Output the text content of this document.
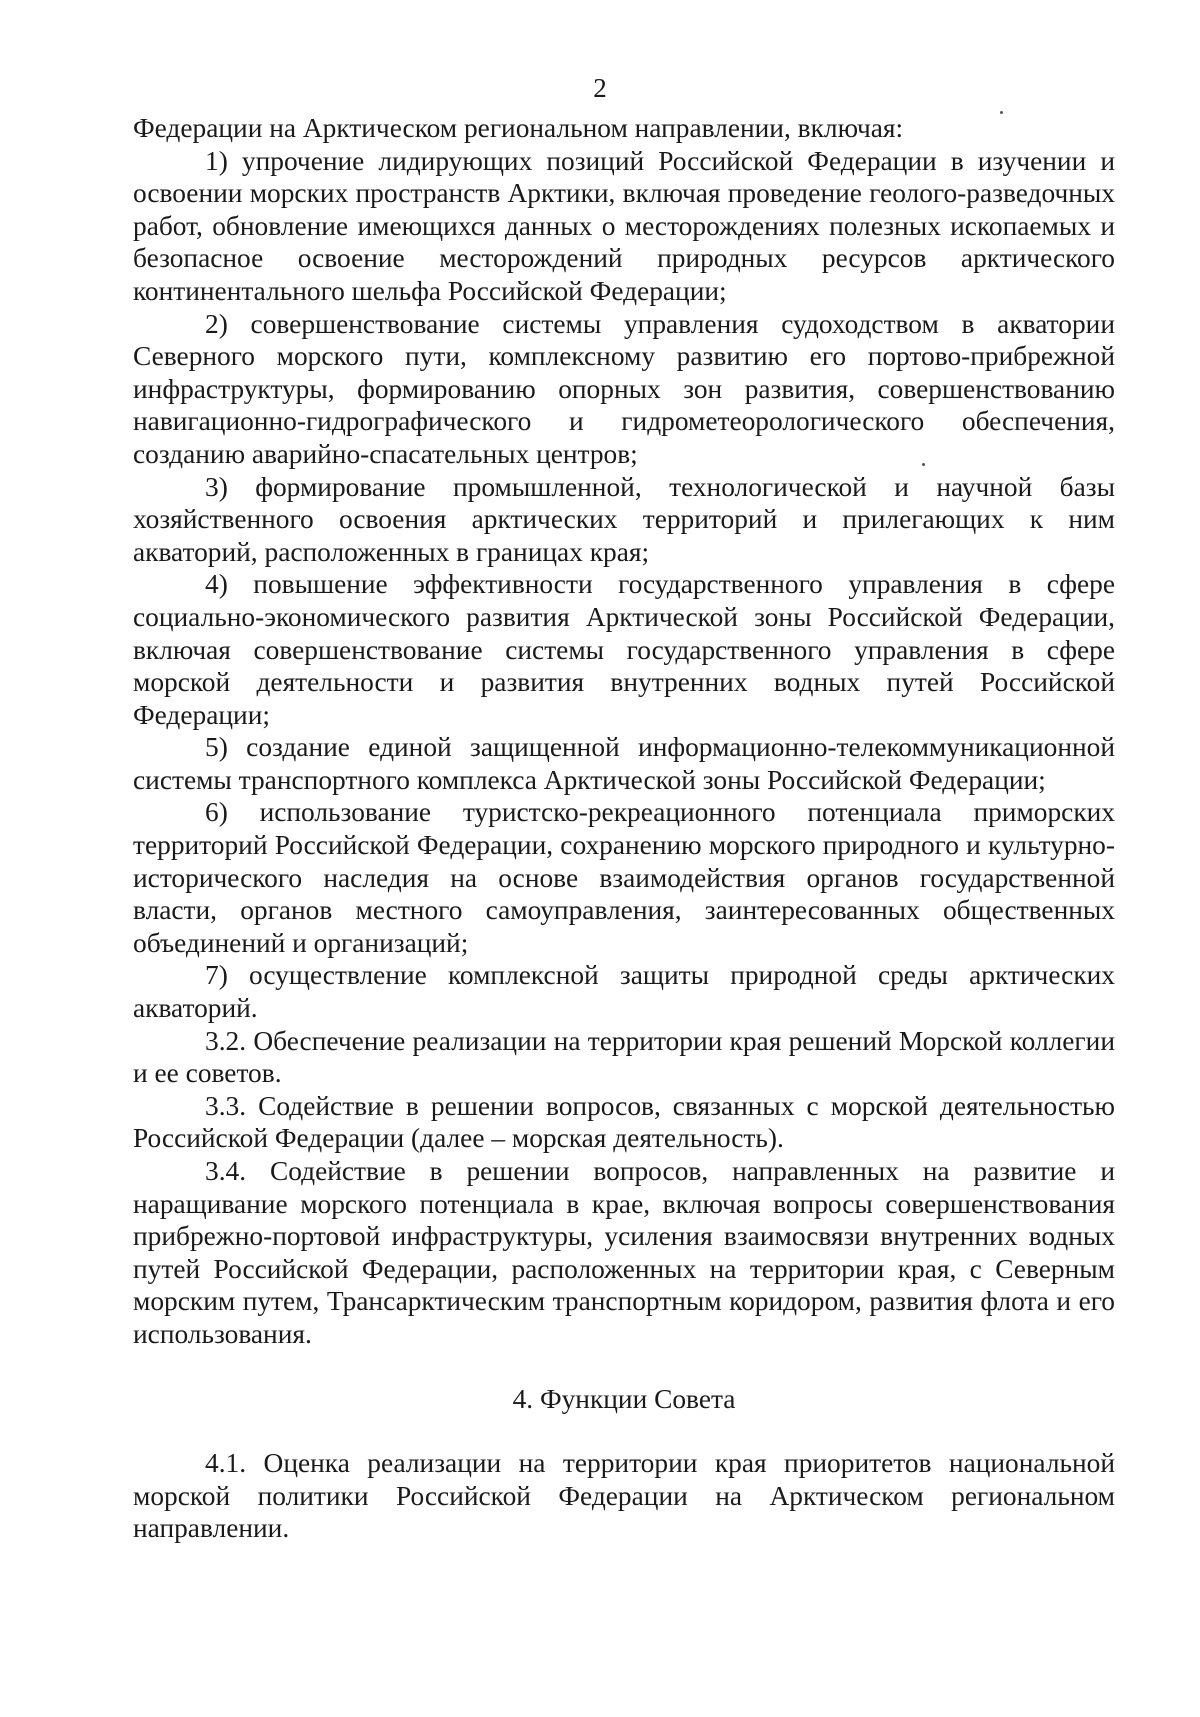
2

Федерации на Арктическом региональном направлении, включая:

1) упрочение лидирующих позиций Российской Федерации в изучении и освоении морских пространств Арктики, включая проведение геолого-разведочных работ, обновление имеющихся данных о месторождениях полезных ископаемых и безопасное освоение месторождений природных ресурсов арктического континентального шельфа Российской Федерации;

2) совершенствование системы управления судоходством в акватории Северного морского пути, комплексному развитию его портово-прибрежной инфраструктуры, формированию опорных зон развития, совершенствованию навигационно-гидрографического и гидрометеорологического обеспечения, созданию аварийно-спасательных центров;

3) формирование промышленной, технологической и научной базы хозяйственного освоения арктических территорий и прилегающих к ним акваторий, расположенных в границах края;

4) повышение эффективности государственного управления в сфере социально-экономического развития Арктической зоны Российской Федерации, включая совершенствование системы государственного управления в сфере морской деятельности и развития внутренних водных путей Российской Федерации;

5) создание единой защищенной информационно-телекоммуникационной системы транспортного комплекса Арктической зоны Российской Федерации;

6) использование туристско-рекреационного потенциала приморских территорий Российской Федерации, сохранению морского природного и культурно-исторического наследия на основе взаимодействия органов государственной власти, органов местного самоуправления, заинтересованных общественных объединений и организаций;

7) осуществление комплексной защиты природной среды арктических акваторий.

3.2. Обеспечение реализации на территории края решений Морской коллегии и ее советов.

3.3. Содействие в решении вопросов, связанных с морской деятельностью Российской Федерации (далее – морская деятельность).

3.4. Содействие в решении вопросов, направленных на развитие и наращивание морского потенциала в крае, включая вопросы совершенствования прибрежно-портовой инфраструктуры, усиления взаимосвязи внутренних водных путей Российской Федерации, расположенных на территории края, с Северным морским путем, Трансарктическим транспортным коридором, развития флота и его использования.

4. Функции Совета

4.1. Оценка реализации на территории края приоритетов национальной морской политики Российской Федерации на Арктическом региональном направлении.
